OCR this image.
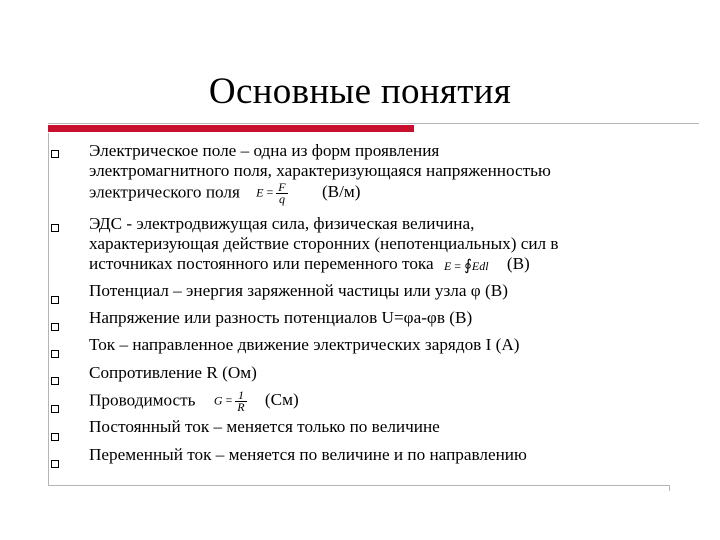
Основные понятия
Электрическое поле – одна из форм проявления
электромагнитного поля, характеризующаяся напряженностью
электрического поля $E = \frac{F}{q} (В/м)$
ЭДС - электродвижущая сила, физическая величина,
характеризующая действие сторонних (непотенциальных) сил в
источниках постоянного или переменного тока E = ∮Edl (В)
Потенциал – энергия заряженной частицы или узла φ (В)
Напряжение или разность потенциалов U=φа-φв (В)
Ток – направленное движение электрических зарядов I (А)
Сопротивление R (Ом)
Проводимость $G = \frac{1}{R} (См)$
Постоянный ток – меняется только по величине
Переменный ток – меняется по величине и по направлению
